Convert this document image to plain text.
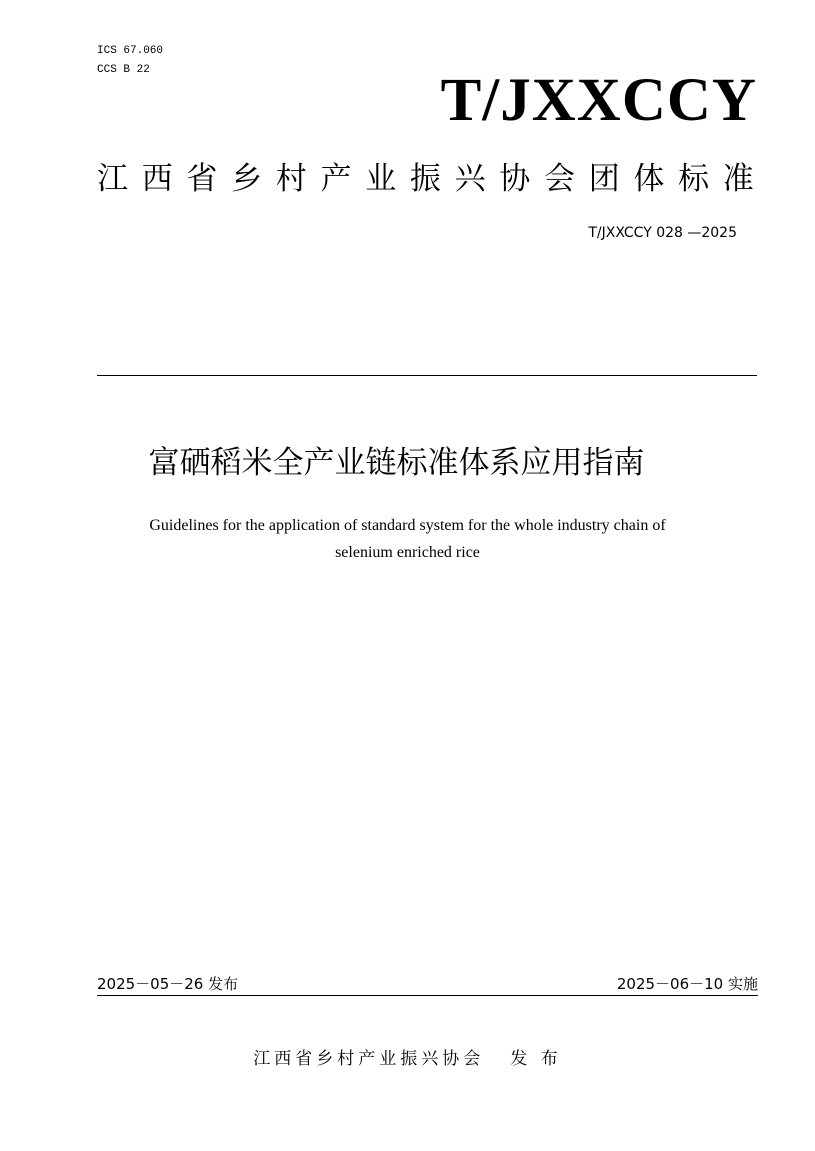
ICS 67.060
CCS B 22	T/JXXCCY
江西省乡村产业振兴协会团体标准
T/JXXCCY 028 —2025
富硒稻米全产业链标准体系应用指南
Guidelines for the application of standard system for the whole industry chain of
selenium enriched rice
2025－05－26 发布	2025－06－10 实施
江西省乡村产业振兴协会 发 布
